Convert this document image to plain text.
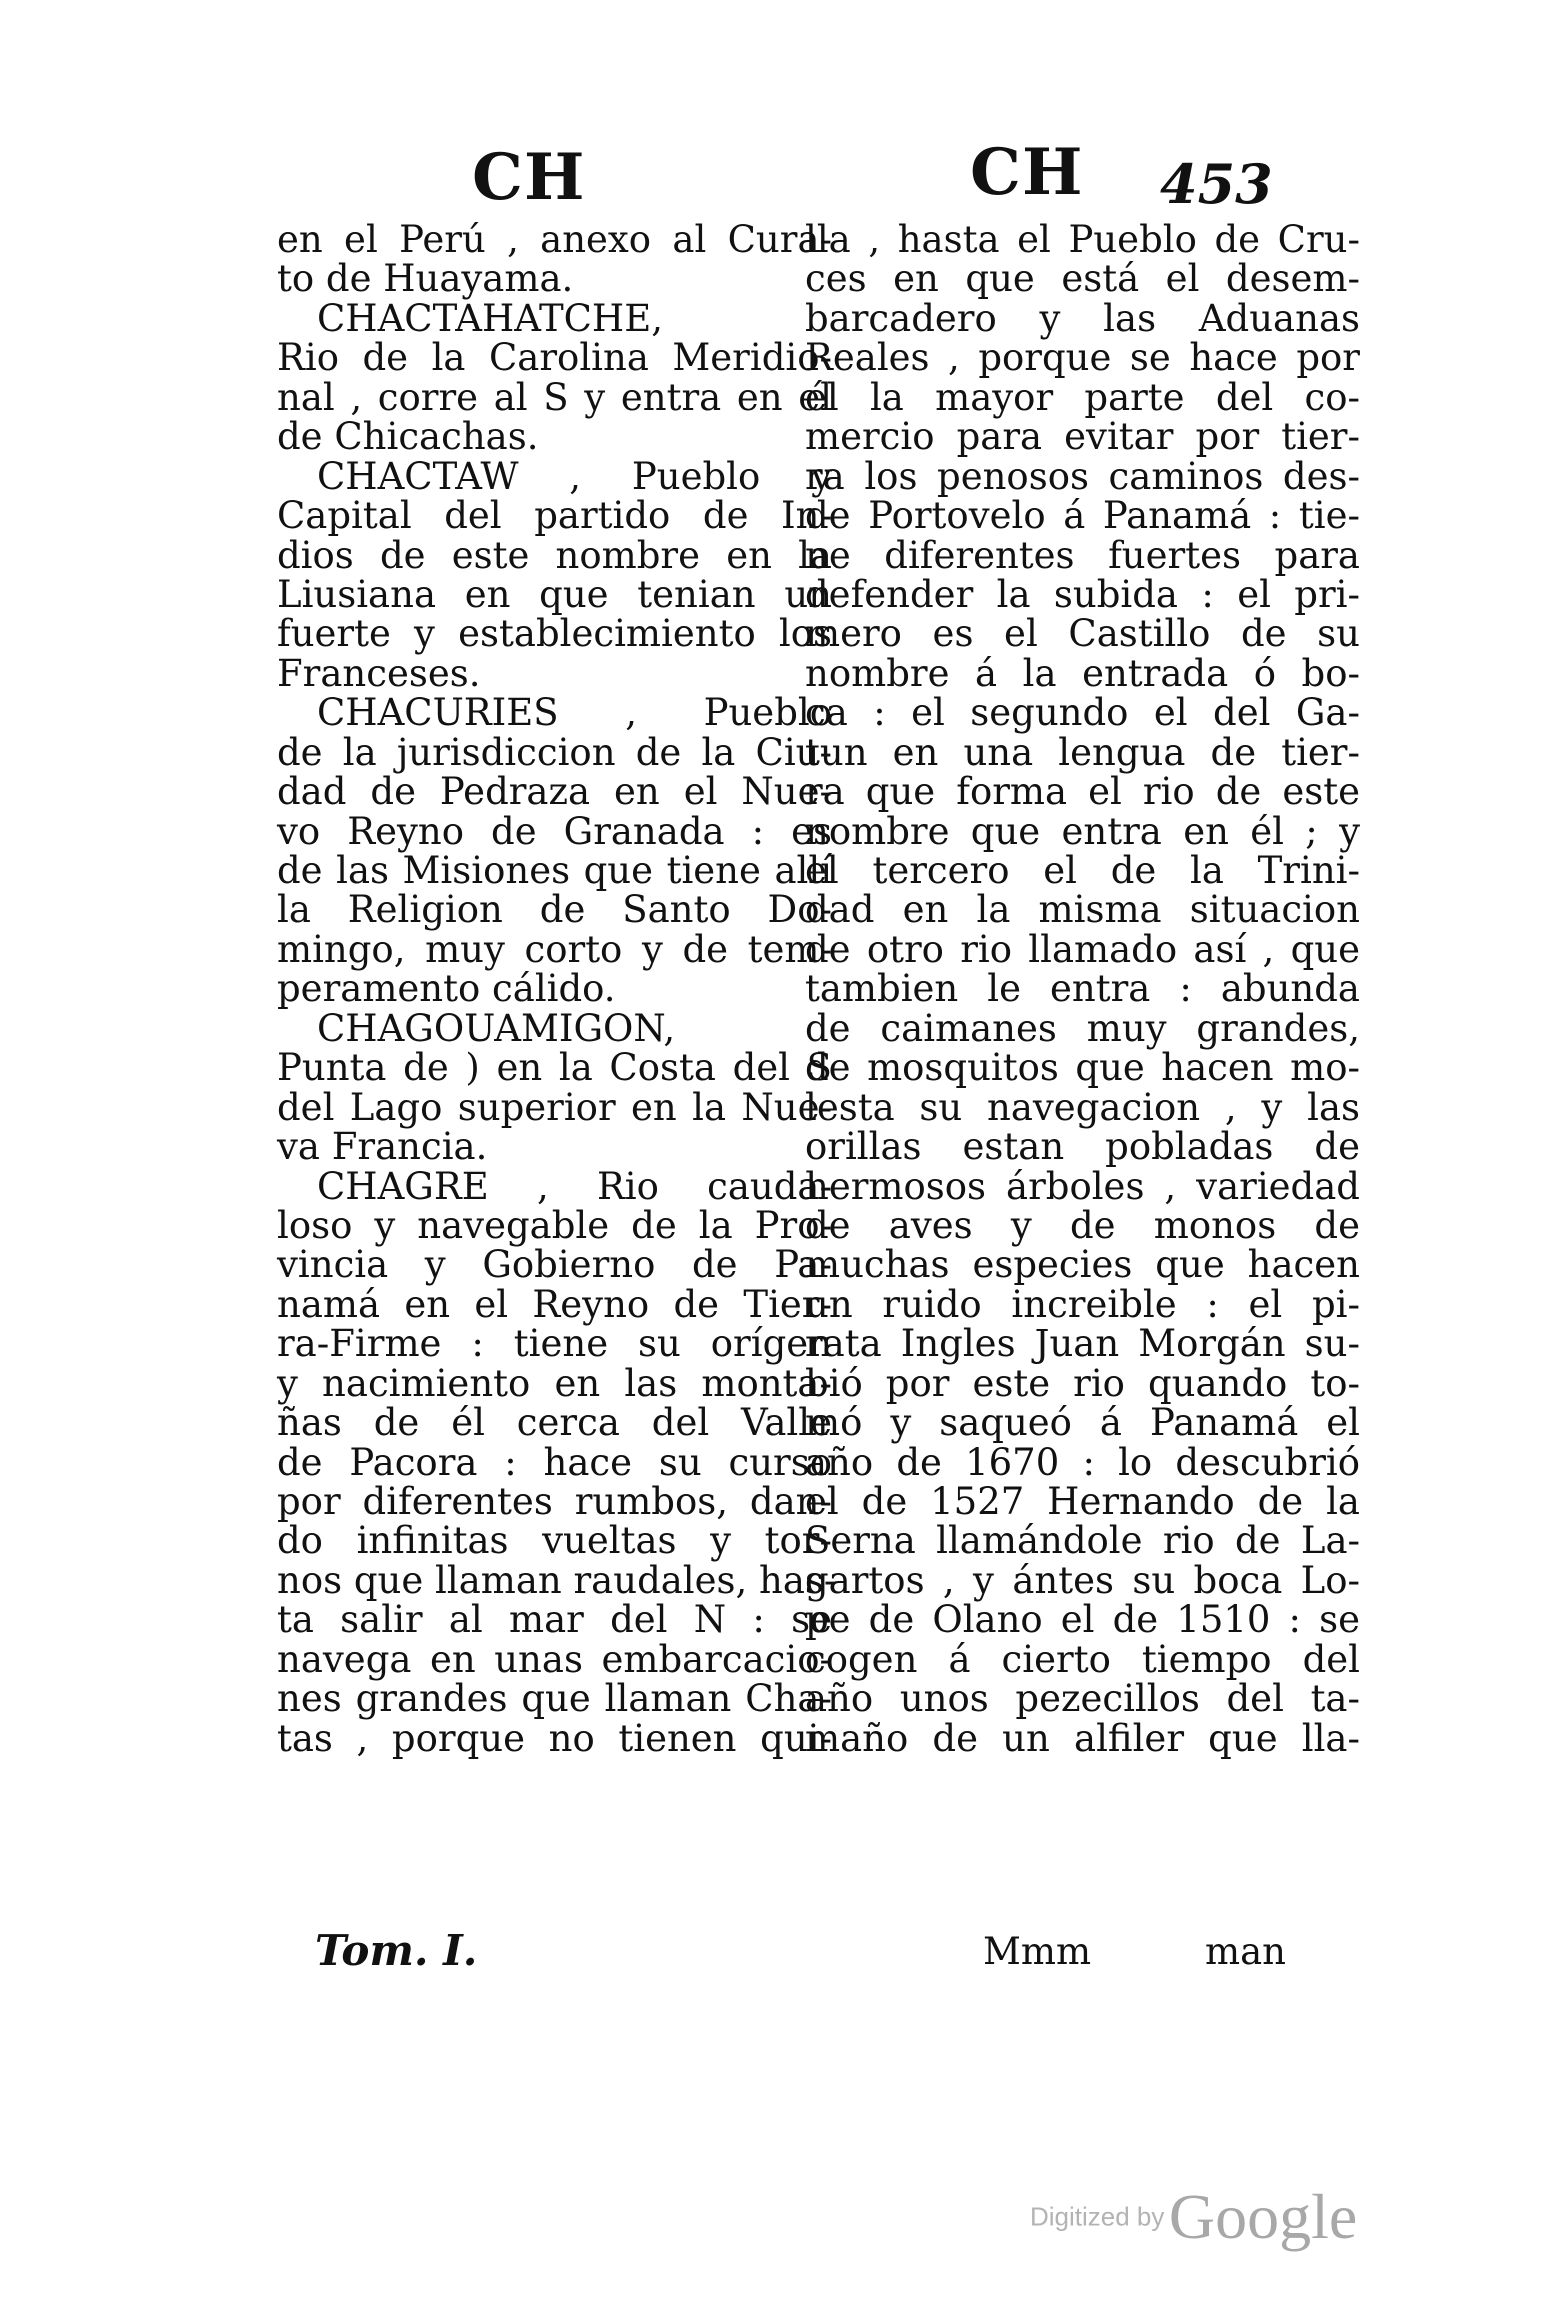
CH	CH 453
en el Perú , anexo al Cura-
to de Huayama.
CHACTAHATCHE,
Rio de la Carolina Meridio-
nal , corre al S y entra en el
de Chicachas.
CHACTAW , Pueblo y
Capital del partido de In-
dios de este nombre en la
Liusiana en que tenian un
fuerte y establecimiento los
Franceses.
CHACURIES , Pueblo
de la jurisdiccion de la Ciu-
dad de Pedraza en el Nue-
vo Reyno de Granada : es
de las Misiones que tiene allí
la Religion de Santo Do-
mingo, muy corto y de tem-
peramento cálido.
CHAGOUAMIGON,
Punta de ) en la Costa del S
del Lago superior en la Nue-
va Francia.
CHAGRE , Rio cauda-
loso y navegable de la Pro-
vincia y Gobierno de Pa-
namá en el Reyno de Tier-
ra-Firme : tiene su orígen
y nacimiento en las monta-
ñas de él cerca del Valle
de Pacora : hace su curso
por diferentes rumbos, dan-
do infinitas vueltas y tor-
nos que llaman raudales, has-
ta salir al mar del N : se
navega en unas embarcacio-
nes grandes que llaman Cha-
tas , porque no tienen qui-
lla , hasta el Pueblo de Cru-
ces en que está el desem-
barcadero y las Aduanas
Reales , porque se hace por
él la mayor parte del co-
mercio para evitar por tier-
ra los penosos caminos des-
de Portovelo á Panamá : tie-
ne diferentes fuertes para
defender la subida : el pri-
mero es el Castillo de su
nombre á la entrada ó bo-
ca : el segundo el del Ga-
tun en una lengua de tier-
ra que forma el rio de este
nombre que entra en él ; y
el tercero el de la Trini-
dad en la misma situacion
de otro rio llamado así , que
tambien le entra : abunda
de caimanes muy grandes,
de mosquitos que hacen mo-
lesta su navegacion , y las
orillas estan pobladas de
hermosos árboles , variedad
de aves y de monos de
muchas especies que hacen
un ruido increible : el pi-
rata Ingles Juan Morgán su-
bió por este rio quando to-
mó y saqueó á Panamá el
año de 1670 : lo descubrió
el de 1527 Hernando de la
Serna llamándole rio de La-
gartos , y ántes su boca Lo-
pe de Olano el de 1510 : se
cogen á cierto tiempo del
año unos pezecillos del ta-
maño de un alfiler que lla-
Tom. I.	Mmm	man
Digitized by Google
